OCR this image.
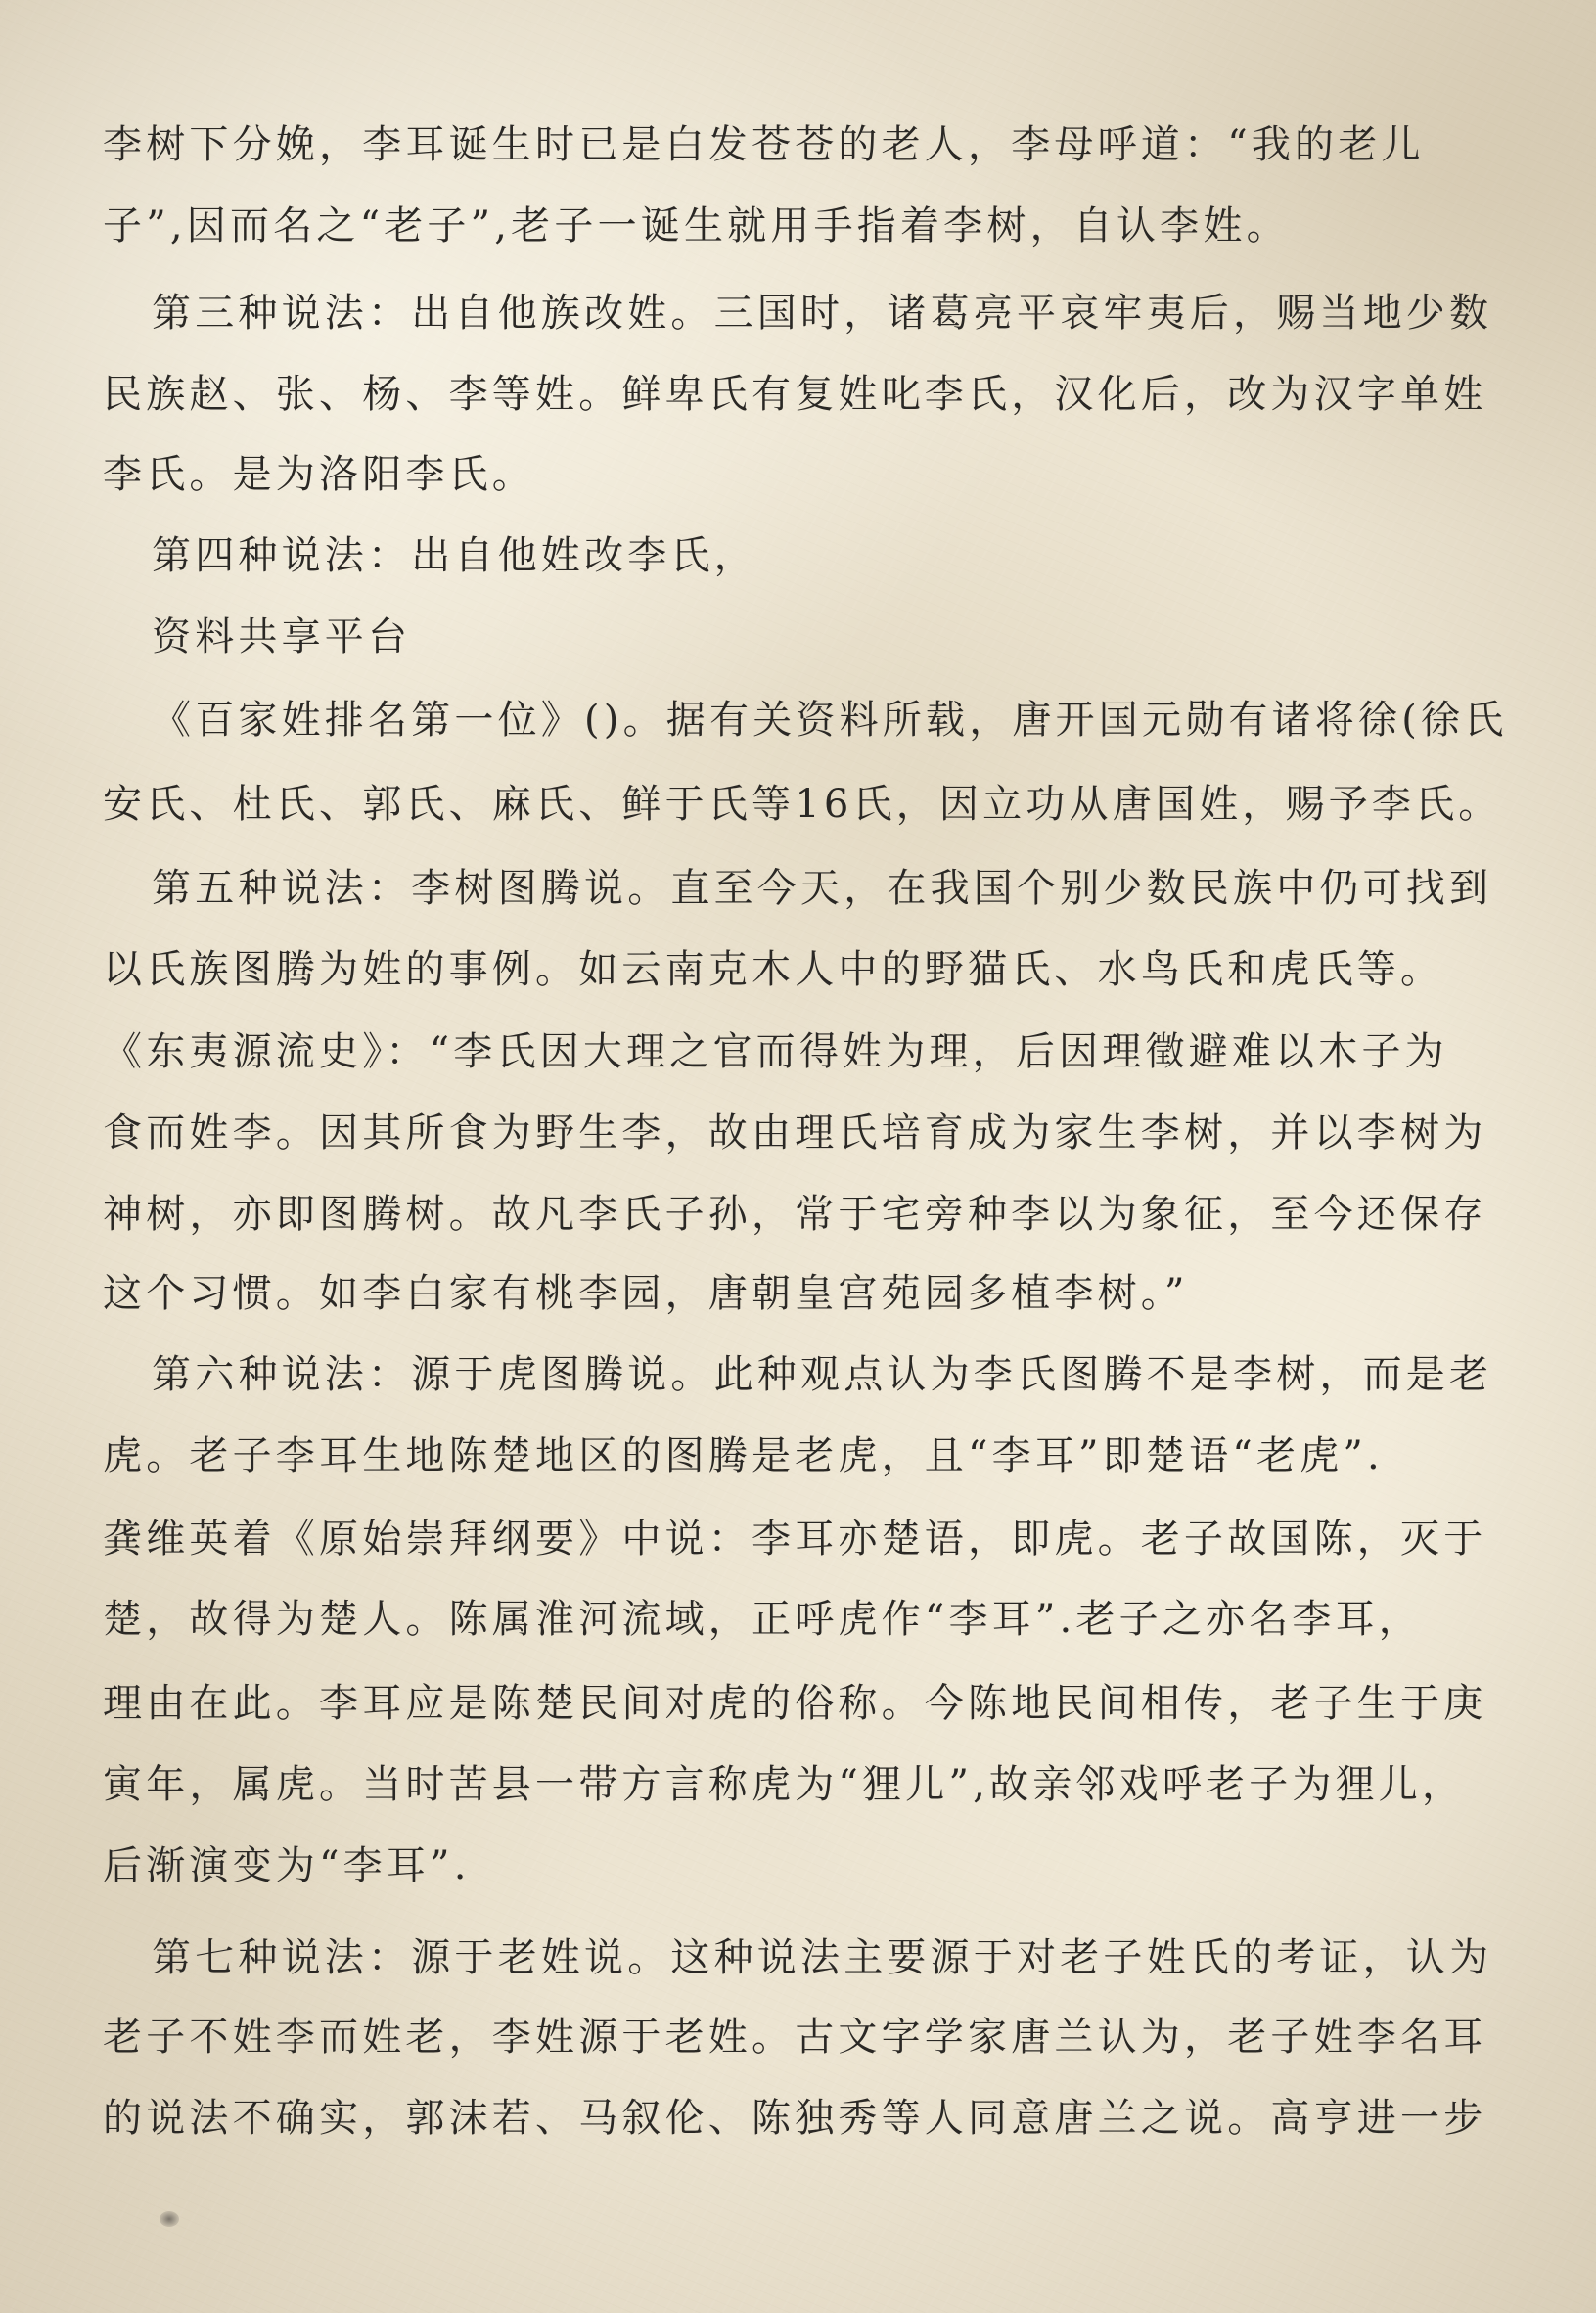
李树下分娩，李耳诞生时已是白发苍苍的老人，李母呼道：“我的老儿
子”,因而名之“老子”,老子一诞生就用手指着李树，自认李姓。
第三种说法：出自他族改姓。三国时，诸葛亮平哀牢夷后，赐当地少数
民族赵、张、杨、李等姓。鲜卑氏有复姓叱李氏，汉化后，改为汉字单姓
李氏。是为洛阳李氏。
第四种说法：出自他姓改李氏，
资料共享平台
《百家姓排名第一位》()。据有关资料所载，唐开国元勋有诸将徐(徐氏
安氏、杜氏、郭氏、麻氏、鲜于氏等16氏，因立功从唐国姓，赐予李氏。
第五种说法：李树图腾说。直至今天，在我国个别少数民族中仍可找到
以氏族图腾为姓的事例。如云南克木人中的野猫氏、水鸟氏和虎氏等。
《东夷源流史》：“李氏因大理之官而得姓为理，后因理徵避难以木子为
食而姓李。因其所食为野生李，故由理氏培育成为家生李树，并以李树为
神树，亦即图腾树。故凡李氏子孙，常于宅旁种李以为象征，至今还保存
这个习惯。如李白家有桃李园，唐朝皇宫苑园多植李树。”
第六种说法：源于虎图腾说。此种观点认为李氏图腾不是李树，而是老
虎。老子李耳生地陈楚地区的图腾是老虎，且“李耳”即楚语“老虎”.
龚维英着《原始崇拜纲要》中说：李耳亦楚语，即虎。老子故国陈，灭于
楚，故得为楚人。陈属淮河流域，正呼虎作“李耳”.老子之亦名李耳，
理由在此。李耳应是陈楚民间对虎的俗称。今陈地民间相传，老子生于庚
寅年，属虎。当时苦县一带方言称虎为“狸儿”,故亲邻戏呼老子为狸儿，
后渐演变为“李耳”.
第七种说法：源于老姓说。这种说法主要源于对老子姓氏的考证，认为
老子不姓李而姓老，李姓源于老姓。古文字学家唐兰认为，老子姓李名耳
的说法不确实，郭沫若、马叙伦、陈独秀等人同意唐兰之说。高亨进一步
